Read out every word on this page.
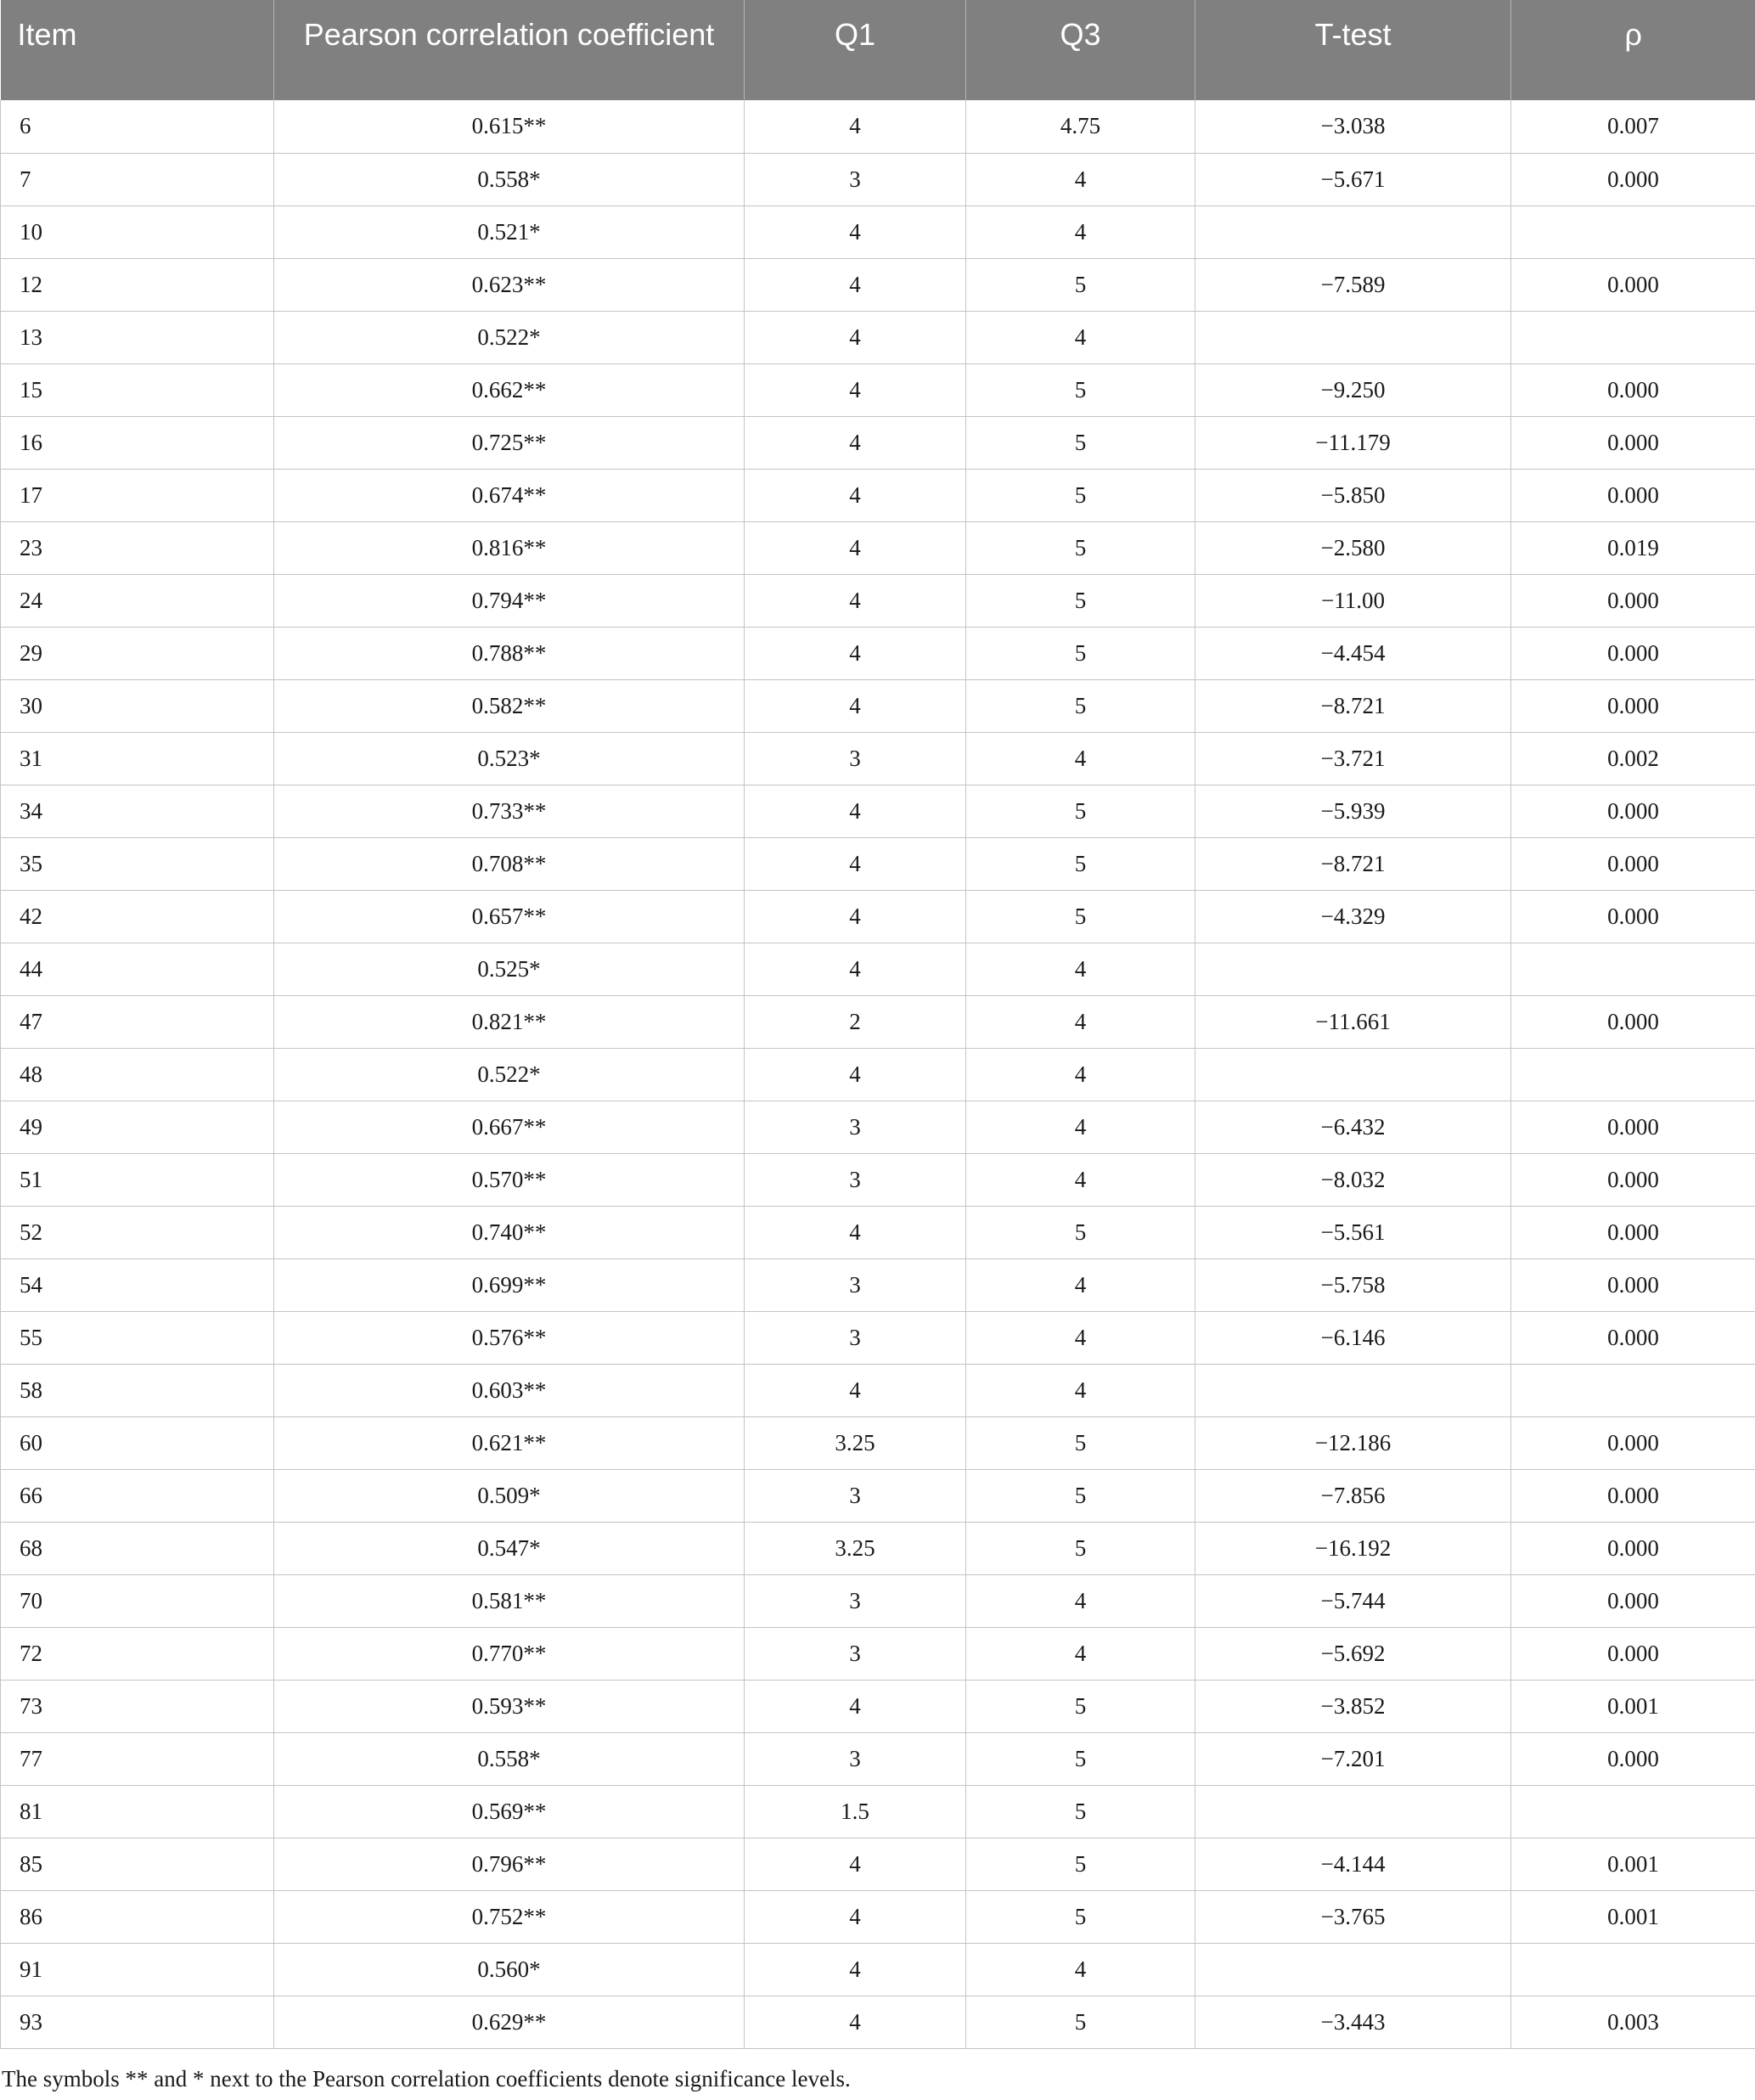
Item	Pearson correlation coefficient	Q1	Q3	T-test	ρ
6	0.615**	4	4.75	−3.038	0.007
7	0.558*	3	4	−5.671	0.000
10	0.521*	4	4		
12	0.623**	4	5	−7.589	0.000
13	0.522*	4	4		
15	0.662**	4	5	−9.250	0.000
16	0.725**	4	5	−11.179	0.000
17	0.674**	4	5	−5.850	0.000
23	0.816**	4	5	−2.580	0.019
24	0.794**	4	5	−11.00	0.000
29	0.788**	4	5	−4.454	0.000
30	0.582**	4	5	−8.721	0.000
31	0.523*	3	4	−3.721	0.002
34	0.733**	4	5	−5.939	0.000
35	0.708**	4	5	−8.721	0.000
42	0.657**	4	5	−4.329	0.000
44	0.525*	4	4		
47	0.821**	2	4	−11.661	0.000
48	0.522*	4	4		
49	0.667**	3	4	−6.432	0.000
51	0.570**	3	4	−8.032	0.000
52	0.740**	4	5	−5.561	0.000
54	0.699**	3	4	−5.758	0.000
55	0.576**	3	4	−6.146	0.000
58	0.603**	4	4		
60	0.621**	3.25	5	−12.186	0.000
66	0.509*	3	5	−7.856	0.000
68	0.547*	3.25	5	−16.192	0.000
70	0.581**	3	4	−5.744	0.000
72	0.770**	3	4	−5.692	0.000
73	0.593**	4	5	−3.852	0.001
77	0.558*	3	5	−7.201	0.000
81	0.569**	1.5	5		
85	0.796**	4	5	−4.144	0.001
86	0.752**	4	5	−3.765	0.001
91	0.560*	4	4		
93	0.629**	4	5	−3.443	0.003
The symbols ** and * next to the Pearson correlation coefficients denote significance levels.
